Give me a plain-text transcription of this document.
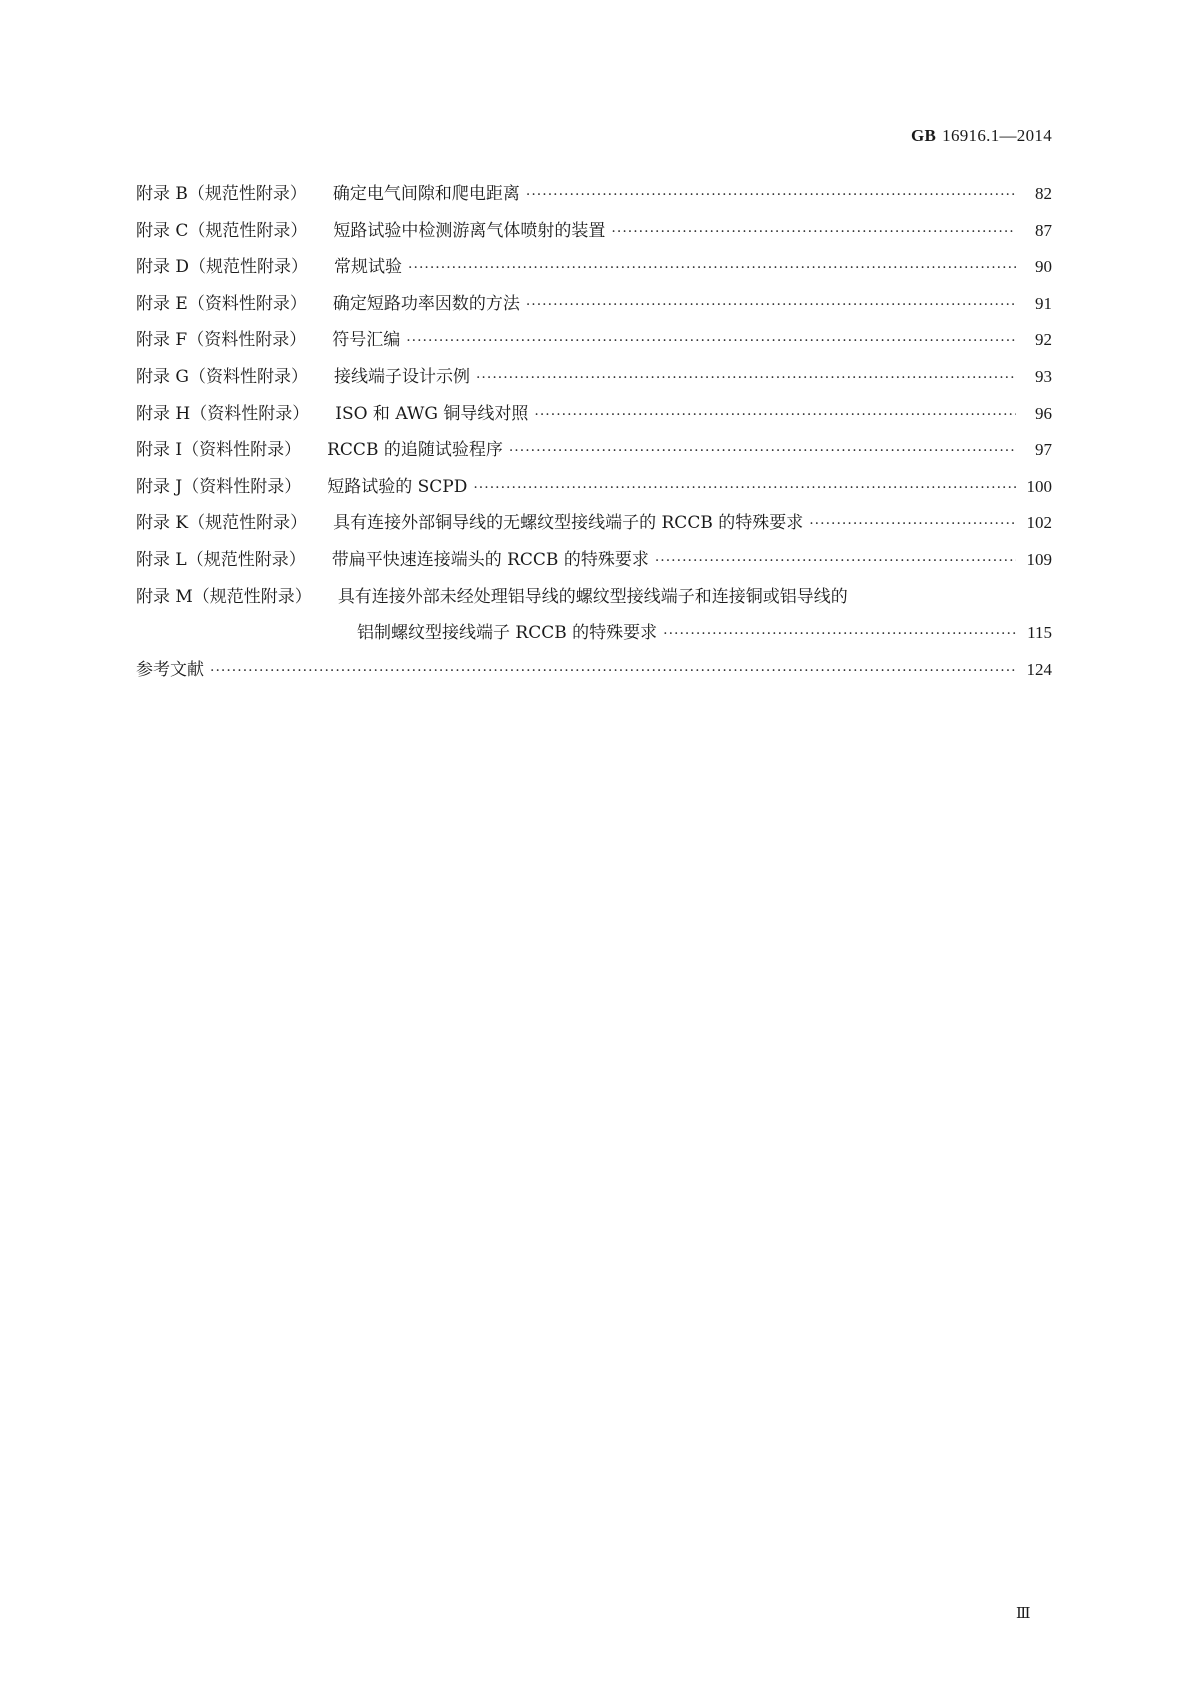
GB 16916.1—2014
附录 B（规范性附录） 确定电气间隙和爬电距离 ·····	82
附录 C（规范性附录） 短路试验中检测游离气体喷射的装置 ·····	87
附录 D（规范性附录） 常规试验 ·····	90
附录 E（资料性附录） 确定短路功率因数的方法 ·····	91
附录 F（资料性附录） 符号汇编 ·····	92
附录 G（资料性附录） 接线端子设计示例 ·····	93
附录 H（资料性附录） ISO 和 AWG 铜导线对照 ·····	96
附录 I（资料性附录） RCCB 的追随试验程序 ·····	97
附录 J（资料性附录） 短路试验的 SCPD ·····	100
附录 K（规范性附录） 具有连接外部铜导线的无螺纹型接线端子的 RCCB 的特殊要求 ·····	102
附录 L（规范性附录） 带扁平快速连接端头的 RCCB 的特殊要求 ·····	109
附录 M（规范性附录） 具有连接外部未经处理铝导线的螺纹型接线端子和连接铜或铝导线的
铝制螺纹型接线端子 RCCB 的特殊要求 ·····	115
参考文献 ·····	124
Ⅲ
